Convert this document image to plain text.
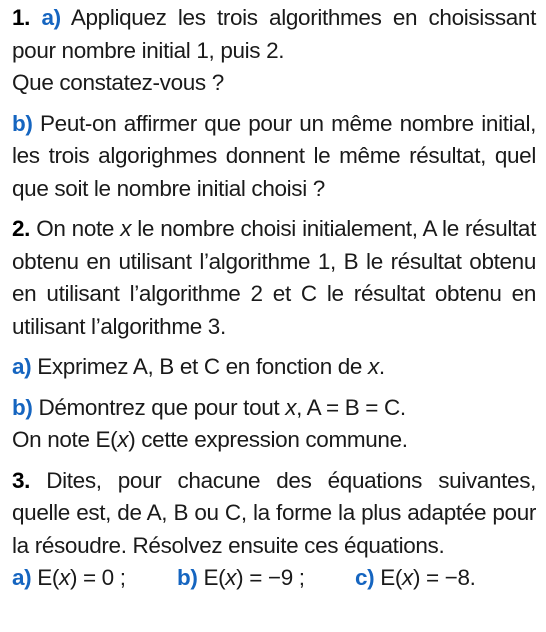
1. a) Appliquez les trois algorithmes en choisissant pour nombre initial 1, puis 2.

Que constatez-vous ?

b) Peut-on affirmer que pour un même nombre initial, les trois algorighmes donnent le même résultat, quel que soit le nombre initial choisi ?

2. On note x le nombre choisi initialement, A le résultat obtenu en utilisant l’algorithme 1, B le résultat obtenu en utilisant l’algorithme 2 et C le résultat obtenu en utilisant l’algorithme 3.

a) Exprimez A, B et C en fonction de x.

b) Démontrez que pour tout x, A = B = C.

On note E(x) cette expression commune.

3. Dites, pour chacune des équations suivantes, quelle est, de A, B ou C, la forme la plus adaptée pour la résoudre. Résolvez ensuite ces équations.

a) E(x) = 0 ;	b) E(x) = −9 ;	c) E(x) = −8.
